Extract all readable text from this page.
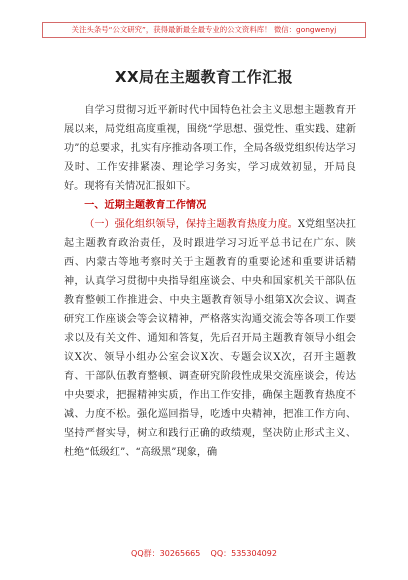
关注头条号“公文研究”，获得最新最全最专业的公文资料库！ 微信：gongwenyj
XX局在主题教育工作汇报

自学习贯彻习近平新时代中国特色社会主义思想主题教育开展以来，局党组高度重视，围绕“学思想、强党性、重实践、建新功”的总要求，扎实有序推动各项工作，全局各级党组织传达学习及时、工作安排紧凑、理论学习务实，学习成效初显，开局良好。现将有关情况汇报如下。

一、近期主题教育工作情况

（一）强化组织领导，保持主题教育热度力度。X党组坚决扛起主题教育政治责任，及时跟进学习习近平总书记在广东、陕西、内蒙古等地考察时关于主题教育的重要论述和重要讲话精神，认真学习贯彻中央指导组座谈会、中央和国家机关干部队伍教育整顿工作推进会、中央主题教育领导小组第X次会议、调查研究工作座谈会等会议精神，严格落实沟通交流会等各项工作要求以及有关文件、通知和答复，先后召开局主题教育领导小组会议X次、领导小组办公室会议X次、专题会议X次，召开主题教育、干部队伍教育整顿、调查研究阶段性成果交流座谈会，传达中央要求，把握精神实质，作出工作安排，确保主题教育热度不减、力度不松。强化巡回指导，吃透中央精神，把准工作方向、坚持严督实导，树立和践行正确的政绩观，坚决防止形式主义、杜绝“低级红”、“高级黑”现象，确

QQ群：30265665    QQ：535304092
